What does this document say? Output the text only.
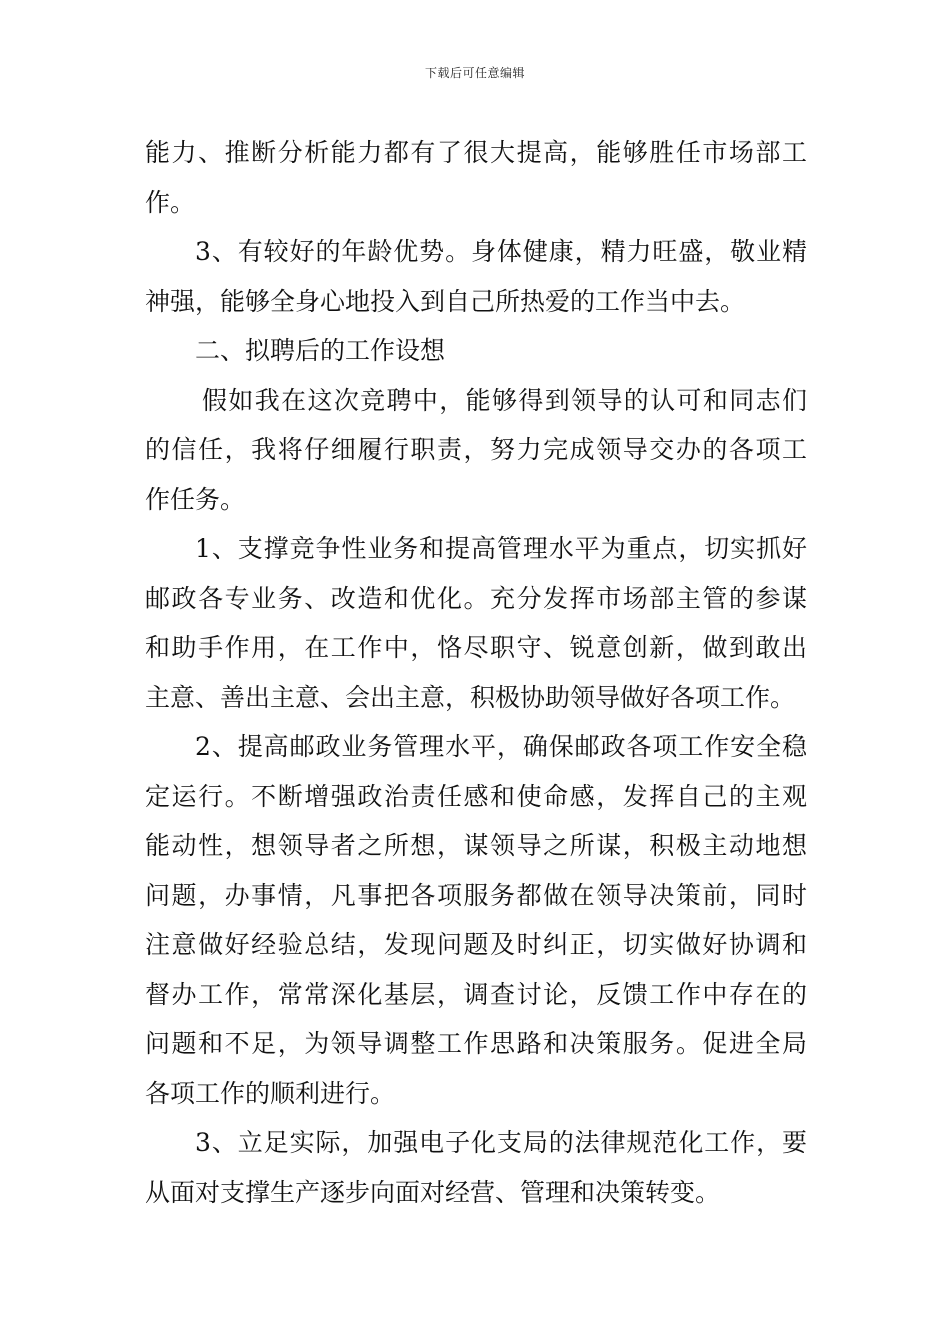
下载后可任意编辑
能力、推断分析能力都有了很大提高，能够胜任市场部工
作。
3、有较好的年龄优势。身体健康，精力旺盛，敬业精
神强，能够全身心地投入到自己所热爱的工作当中去。
二、拟聘后的工作设想
假如我在这次竞聘中，能够得到领导的认可和同志们
的信任，我将仔细履行职责，努力完成领导交办的各项工
作任务。
1、支撑竞争性业务和提高管理水平为重点，切实抓好
邮政各专业务、改造和优化。充分发挥市场部主管的参谋
和助手作用，在工作中，恪尽职守、锐意创新，做到敢出
主意、善出主意、会出主意，积极协助领导做好各项工作。
2、提高邮政业务管理水平，确保邮政各项工作安全稳
定运行。不断增强政治责任感和使命感，发挥自己的主观
能动性，想领导者之所想，谋领导之所谋，积极主动地想
问题，办事情，凡事把各项服务都做在领导决策前，同时
注意做好经验总结，发现问题及时纠正，切实做好协调和
督办工作，常常深化基层，调查讨论，反馈工作中存在的
问题和不足，为领导调整工作思路和决策服务。促进全局
各项工作的顺利进行。
3、立足实际，加强电子化支局的法律规范化工作，要
从面对支撑生产逐步向面对经营、管理和决策转变。
